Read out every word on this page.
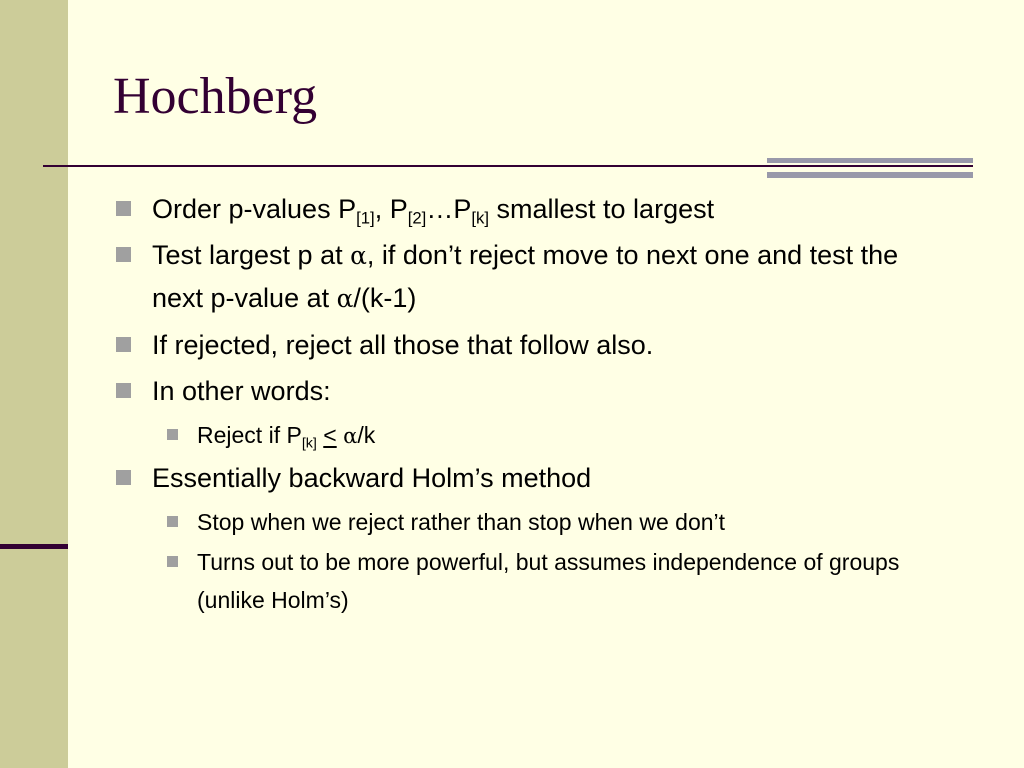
Hochberg
Order p-values $P_{[1]}$, $P_{[2]}\dots P_{[k]}$ smallest to largest
Test largest p at α, if don’t reject move to next one and test the next p-value at α/(k-1)
If rejected, reject all those that follow also.
In other words:
Reject if $P_{[k]} \le \alpha/k$
Essentially backward Holm’s method
Stop when we reject rather than stop when we don’t
Turns out to be more powerful, but assumes independence of groups (unlike Holm’s)
